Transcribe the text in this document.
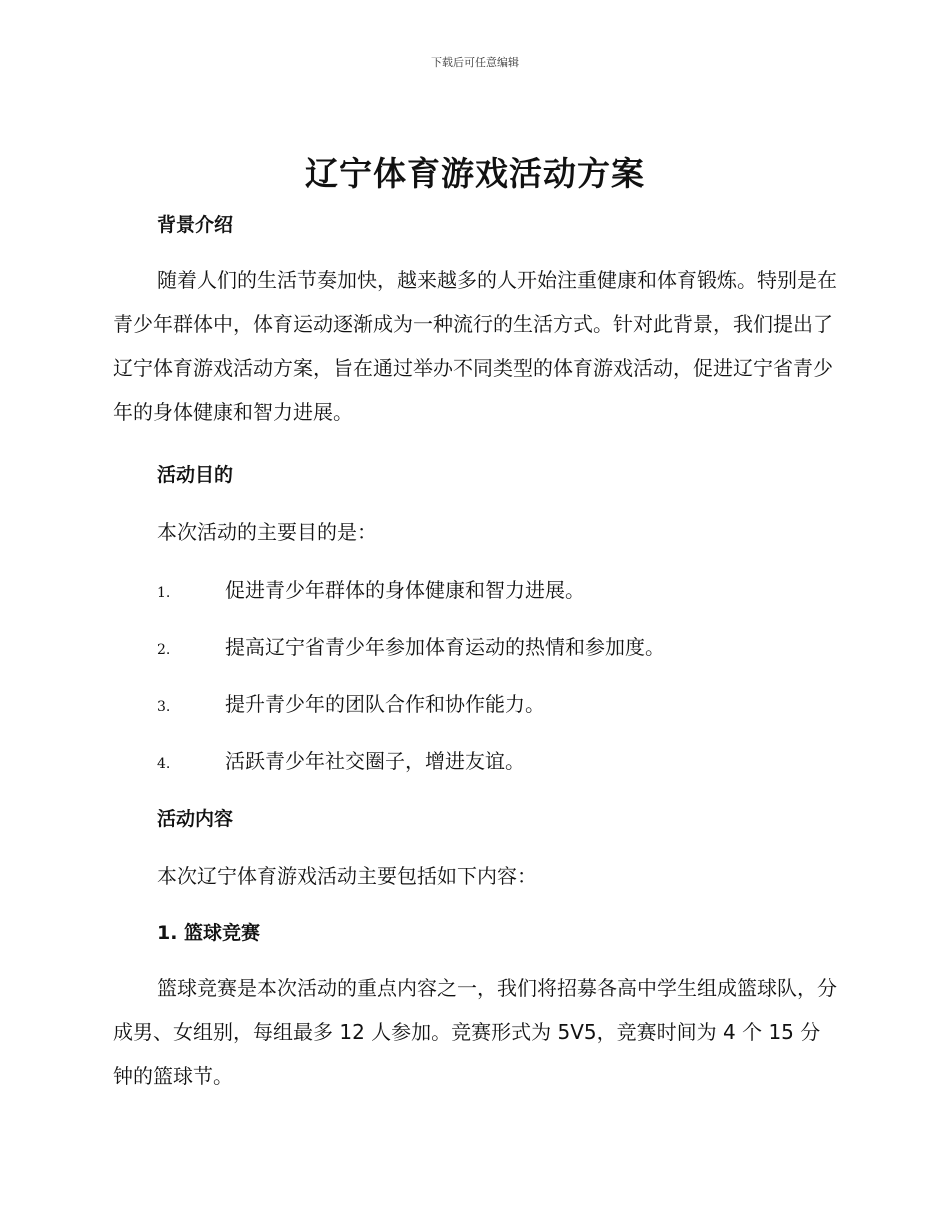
下载后可任意编辑
辽宁体育游戏活动方案
背景介绍

随着人们的生活节奏加快，越来越多的人开始注重健康和体育锻炼。特别是在青少年群体中，体育运动逐渐成为一种流行的生活方式。针对此背景，我们提出了辽宁体育游戏活动方案，旨在通过举办不同类型的体育游戏活动，促进辽宁省青少年的身体健康和智力进展。

活动目的

本次活动的主要目的是：

1.	促进青少年群体的身体健康和智力进展。
2.	提高辽宁省青少年参加体育运动的热情和参加度。
3.	提升青少年的团队合作和协作能力。
4.	活跃青少年社交圈子，增进友谊。
活动内容

本次辽宁体育游戏活动主要包括如下内容：

1. 篮球竞赛

篮球竞赛是本次活动的重点内容之一，我们将招募各高中学生组成篮球队，分成男、女组别，每组最多 12 人参加。竞赛形式为 5V5，竞赛时间为 4 个 15 分钟的篮球节。
